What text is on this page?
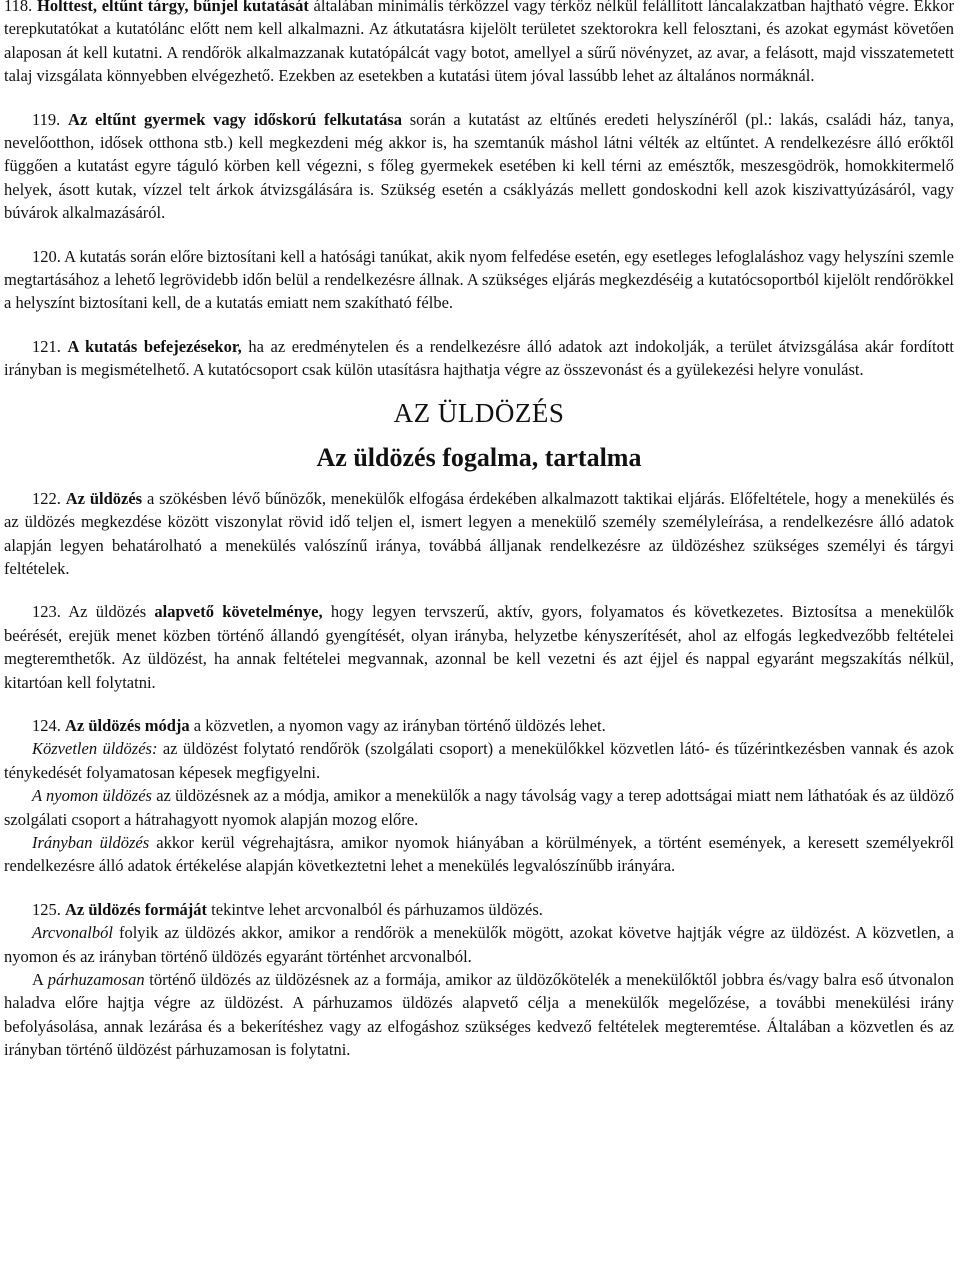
118. Holttest, eltűnt tárgy, bűnjel kutatását általában minimális térközzel vagy térköz nélkül felállított láncalakzatban hajtható végre. Ekkor terepkutatókat a kutatólánc előtt nem kell alkalmazni. Az átkutatásra kijelölt területet szektorokra kell felosztani, és azokat egymást követően alaposan át kell kutatni. A rendőrök alkalmazzanak kutatópálcát vagy botot, amellyel a sűrű növényzet, az avar, a felásott, majd visszatemetett talaj vizsgálata könnyebben elvégezhető. Ezekben az esetekben a kutatási ütem jóval lassúbb lehet az általános normáknál.

119. Az eltűnt gyermek vagy időskorú felkutatása során a kutatást az eltűnés eredeti helyszínéről (pl.: lakás, családi ház, tanya, nevelőotthon, idősek otthona stb.) kell megkezdeni még akkor is, ha szemtanúk máshol látni vélték az eltűntet. A rendelkezésre álló erőktől függően a kutatást egyre táguló körben kell végezni, s főleg gyermekek esetében ki kell térni az emésztők, meszesgödrök, homokkitermelő helyek, ásott kutak, vízzel telt árkok átvizsgálására is. Szükség esetén a csáklyázás mellett gondoskodni kell azok kiszivattyúzásáról, vagy búvárok alkalmazásáról.

120. A kutatás során előre biztosítani kell a hatósági tanúkat, akik nyom felfedése esetén, egy esetleges lefoglaláshoz vagy helyszíni szemle megtartásához a lehető legrövidebb időn belül a rendelkezésre állnak. A szükséges eljárás megkezdéséig a kutatócsoportból kijelölt rendőrökkel a helyszínt biztosítani kell, de a kutatás emiatt nem szakítható félbe.

121. A kutatás befejezésekor, ha az eredménytelen és a rendelkezésre álló adatok azt indokolják, a terület átvizsgálása akár fordított irányban is megismételhető. A kutatócsoport csak külön utasításra hajthatja végre az összevonást és a gyülekezési helyre vonulást.

AZ ÜLDÖZÉS
Az üldözés fogalma, tartalma

122. Az üldözés a szökésben lévő bűnözők, menekülők elfogása érdekében alkalmazott taktikai eljárás. Előfeltétele, hogy a menekülés és az üldözés megkezdése között viszonylat rövid idő teljen el, ismert legyen a menekülő személy személyleírása, a rendelkezésre álló adatok alapján legyen behatárolható a menekülés valószínű iránya, továbbá álljanak rendelkezésre az üldözéshez szükséges személyi és tárgyi feltételek.

123. Az üldözés alapvető követelménye, hogy legyen tervszerű, aktív, gyors, folyamatos és következetes. Biztosítsa a menekülők beérését, erejük menet közben történő állandó gyengítését, olyan irányba, helyzetbe kényszerítését, ahol az elfogás legkedvezőbb feltételei megteremthetők. Az üldözést, ha annak feltételei megvannak, azonnal be kell vezetni és azt éjjel és nappal egyaránt megszakítás nélkül, kitartóan kell folytatni.

124. Az üldözés módja a közvetlen, a nyomon vagy az irányban történő üldözés lehet.

Közvetlen üldözés: az üldözést folytató rendőrök (szolgálati csoport) a menekülőkkel közvetlen látó- és tűzérintkezésben vannak és azok ténykedését folyamatosan képesek megfigyelni.

A nyomon üldözés az üldözésnek az a módja, amikor a menekülők a nagy távolság vagy a terep adottságai miatt nem láthatóak és az üldöző szolgálati csoport a hátrahagyott nyomok alapján mozog előre.

Irányban üldözés akkor kerül végrehajtásra, amikor nyomok hiányában a körülmények, a történt események, a keresett személyekről rendelkezésre álló adatok értékelése alapján következtetni lehet a menekülés legvalószínűbb irányára.

125. Az üldözés formáját tekintve lehet arcvonalból és párhuzamos üldözés.

Arcvonalból folyik az üldözés akkor, amikor a rendőrök a menekülők mögött, azokat követve hajtják végre az üldözést. A közvetlen, a nyomon és az irányban történő üldözés egyaránt történhet arcvonalból.

A párhuzamosan történő üldözés az üldözésnek az a formája, amikor az üldözőkötelék a menekülőktől jobbra és/vagy balra eső útvonalon haladva előre hajtja végre az üldözést. A párhuzamos üldözés alapvető célja a menekülők megelőzése, a további menekülési irány befolyásolása, annak lezárása és a bekerítéshez vagy az elfogáshoz szükséges kedvező feltételek megteremtése. Általában a közvetlen és az irányban történő üldözést párhuzamosan is folytatni.
